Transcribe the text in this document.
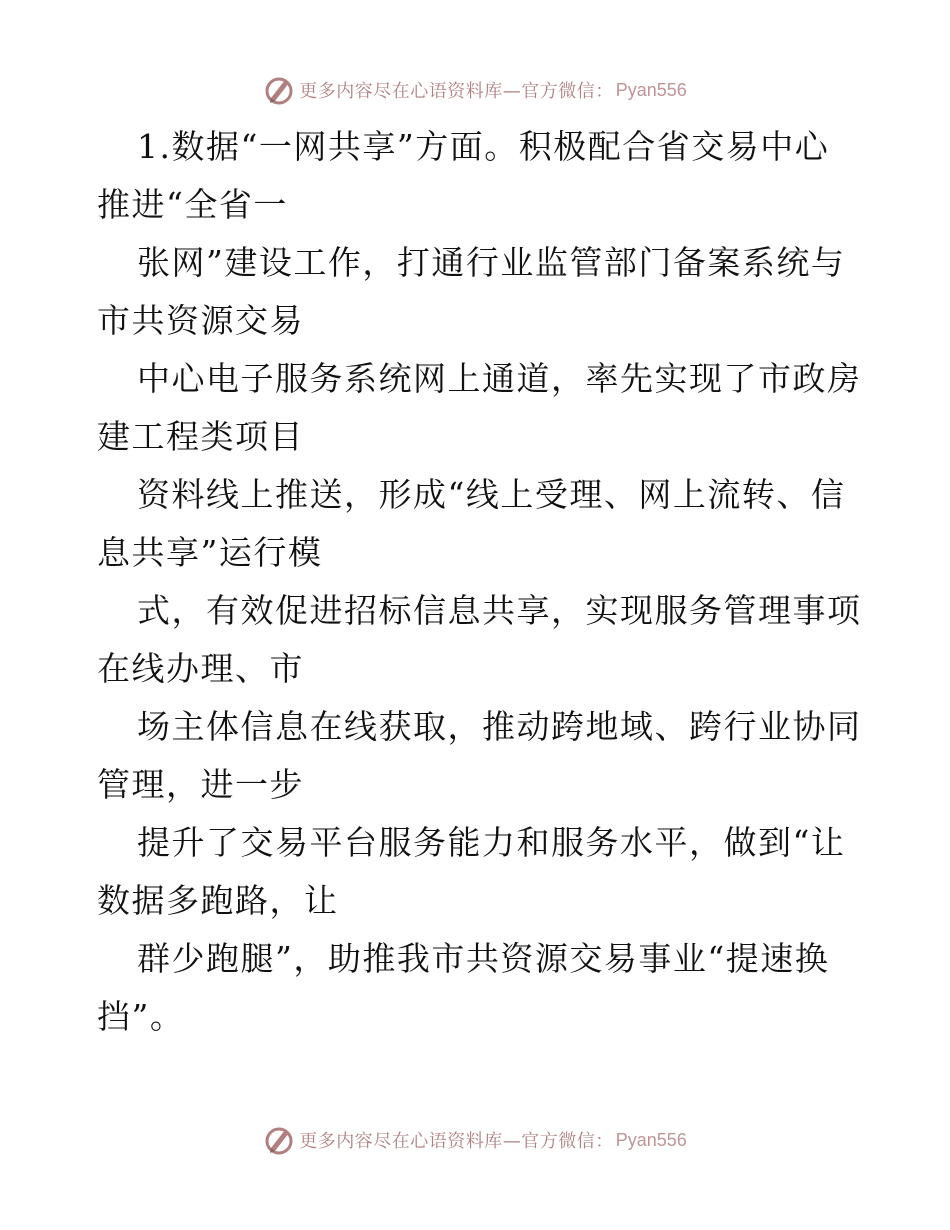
更多内容尽在心语资料库—官方微信： Pyan556
1.数据“一网共享”方面。积极配合省交易中心
推进“全省一
张网”建设工作，打通行业监管部门备案系统与
市共资源交易
中心电子服务系统网上通道，率先实现了市政房
建工程类项目
资料线上推送，形成“线上受理、网上流转、信
息共享”运行模
式，有效促进招标信息共享，实现服务管理事项
在线办理、市
场主体信息在线获取，推动跨地域、跨行业协同
管理，进一步
提升了交易平台服务能力和服务水平，做到“让
数据多跑路，让
群少跑腿”，助推我市共资源交易事业“提速换
挡”。
更多内容尽在心语资料库—官方微信： Pyan556
